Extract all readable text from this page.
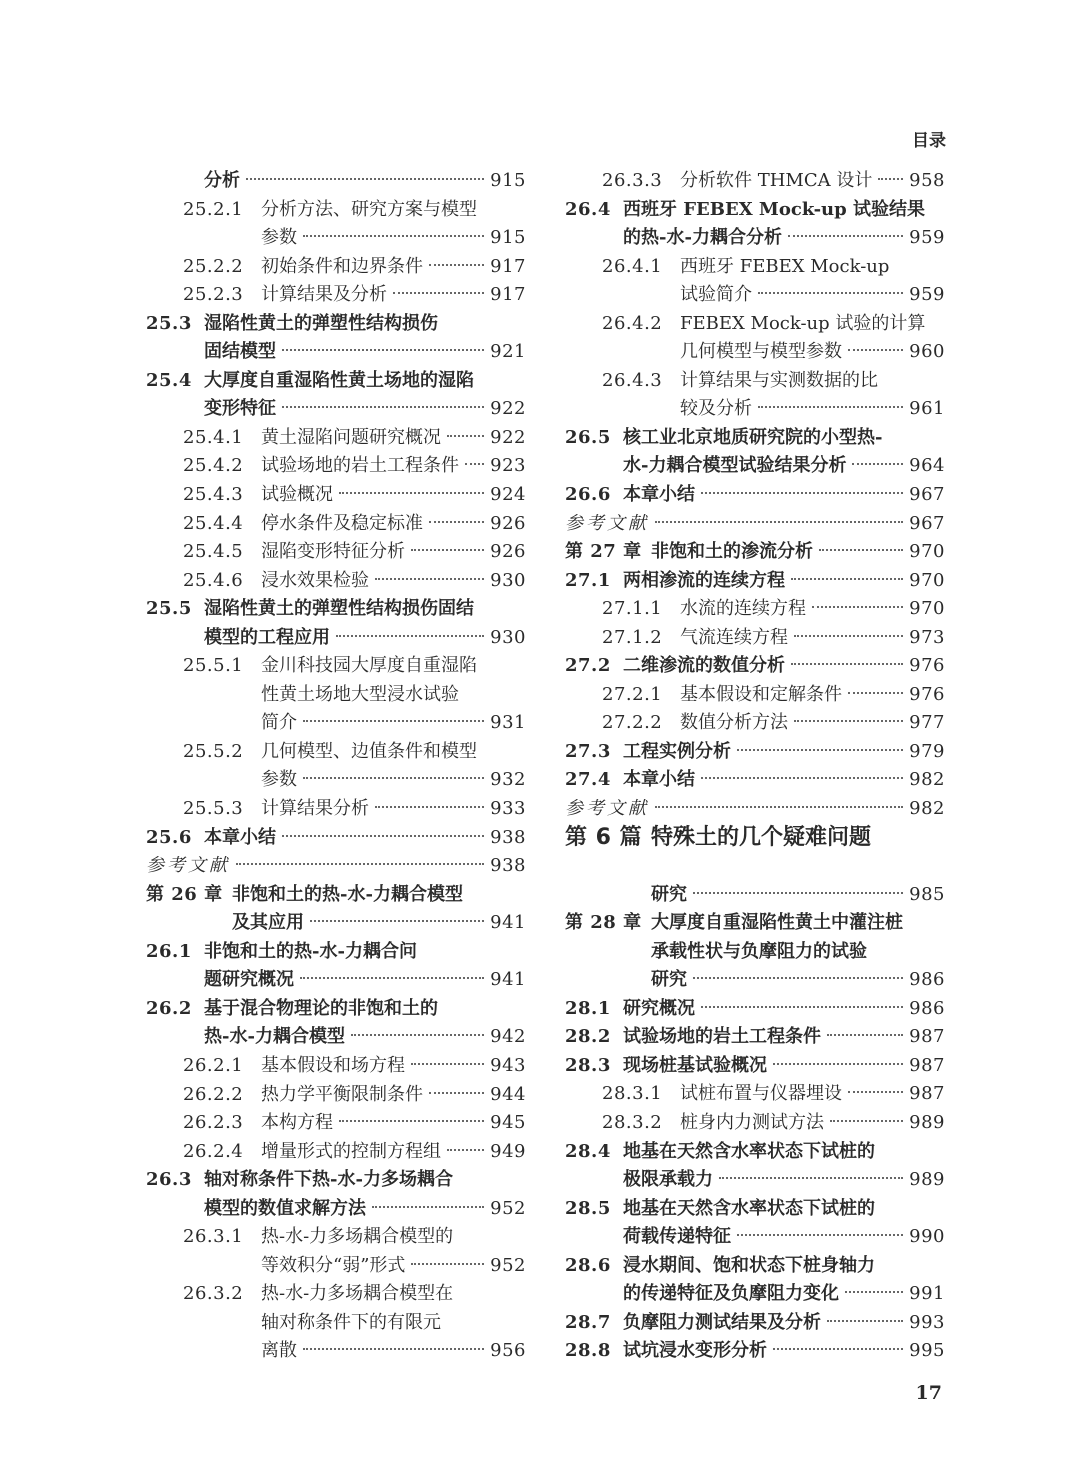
目录
分析	915
25.2.1 分析方法、研究方案与模型
参数	915
25.2.2 初始条件和边界条件	917
25.2.3 计算结果及分析	917
25.3 湿陷性黄土的弹塑性结构损伤
固结模型	921
25.4 大厚度自重湿陷性黄土场地的湿陷
变形特征	922
25.4.1 黄土湿陷问题研究概况	922
25.4.2 试验场地的岩土工程条件 923
25.4.3 试验概况	924
25.4.4 停水条件及稳定标准	926
25.4.5 湿陷变形特征分析	926
25.4.6 浸水效果检验	930
25.5 湿陷性黄土的弹塑性结构损伤固结
模型的工程应用	930
25.5.1 金川科技园大厚度自重湿陷
性黄土场地大型浸水试验
简介	931
25.5.2 几何模型、边值条件和模型
参数	932
25.5.3 计算结果分析	933
25.6 本章小结	938
参考文献	938
第 26 章 非饱和土的热-水-力耦合模型
及其应用	941
26.1 非饱和土的热-水-力耦合问
题研究概况	941
26.2 基于混合物理论的非饱和土的
热-水-力耦合模型	942
26.2.1 基本假设和场方程	943
26.2.2 热力学平衡限制条件	944
26.2.3 本构方程	945
26.2.4 增量形式的控制方程组	949
26.3 轴对称条件下热-水-力多场耦合
模型的数值求解方法	952
26.3.1 热-水-力多场耦合模型的
等效积分“弱”形式	952
26.3.2 热-水-力多场耦合模型在
轴对称条件下的有限元
离散	956
26.3.3 分析软件 THMCA 设计 958
26.4 西班牙 FEBEX Mock-up 试验结果
的热-水-力耦合分析	959
26.4.1 西班牙 FEBEX Mock-up
试验简介	959
26.4.2 FEBEX Mock-up 试验的计算
几何模型与模型参数	960
26.4.3 计算结果与实测数据的比
较及分析	961
26.5 核工业北京地质研究院的小型热-
水-力耦合模型试验结果分析	964
26.6 本章小结	967
参考文献	967
第 27 章 非饱和土的渗流分析	970
27.1 两相渗流的连续方程	970
27.1.1 水流的连续方程	970
27.1.2 气流连续方程	973
27.2 二维渗流的数值分析	976
27.2.1 基本假设和定解条件	976
27.2.2 数值分析方法	977
27.3 工程实例分析	979
27.4 本章小结	982
参考文献	982
第 6 篇 特殊土的几个疑难问题
研究	985
第 28 章 大厚度自重湿陷性黄土中灌注桩
承载性状与负摩阻力的试验
研究	986
28.1 研究概况	986
28.2 试验场地的岩土工程条件	987
28.3 现场桩基试验概况	987
28.3.1 试桩布置与仪器埋设	987
28.3.2 桩身内力测试方法	989
28.4 地基在天然含水率状态下试桩的
极限承载力	989
28.5 地基在天然含水率状态下试桩的
荷载传递特征	990
28.6 浸水期间、饱和状态下桩身轴力
的传递特征及负摩阻力变化	991
28.7 负摩阻力测试结果及分析	993
28.8 试坑浸水变形分析	995
17
